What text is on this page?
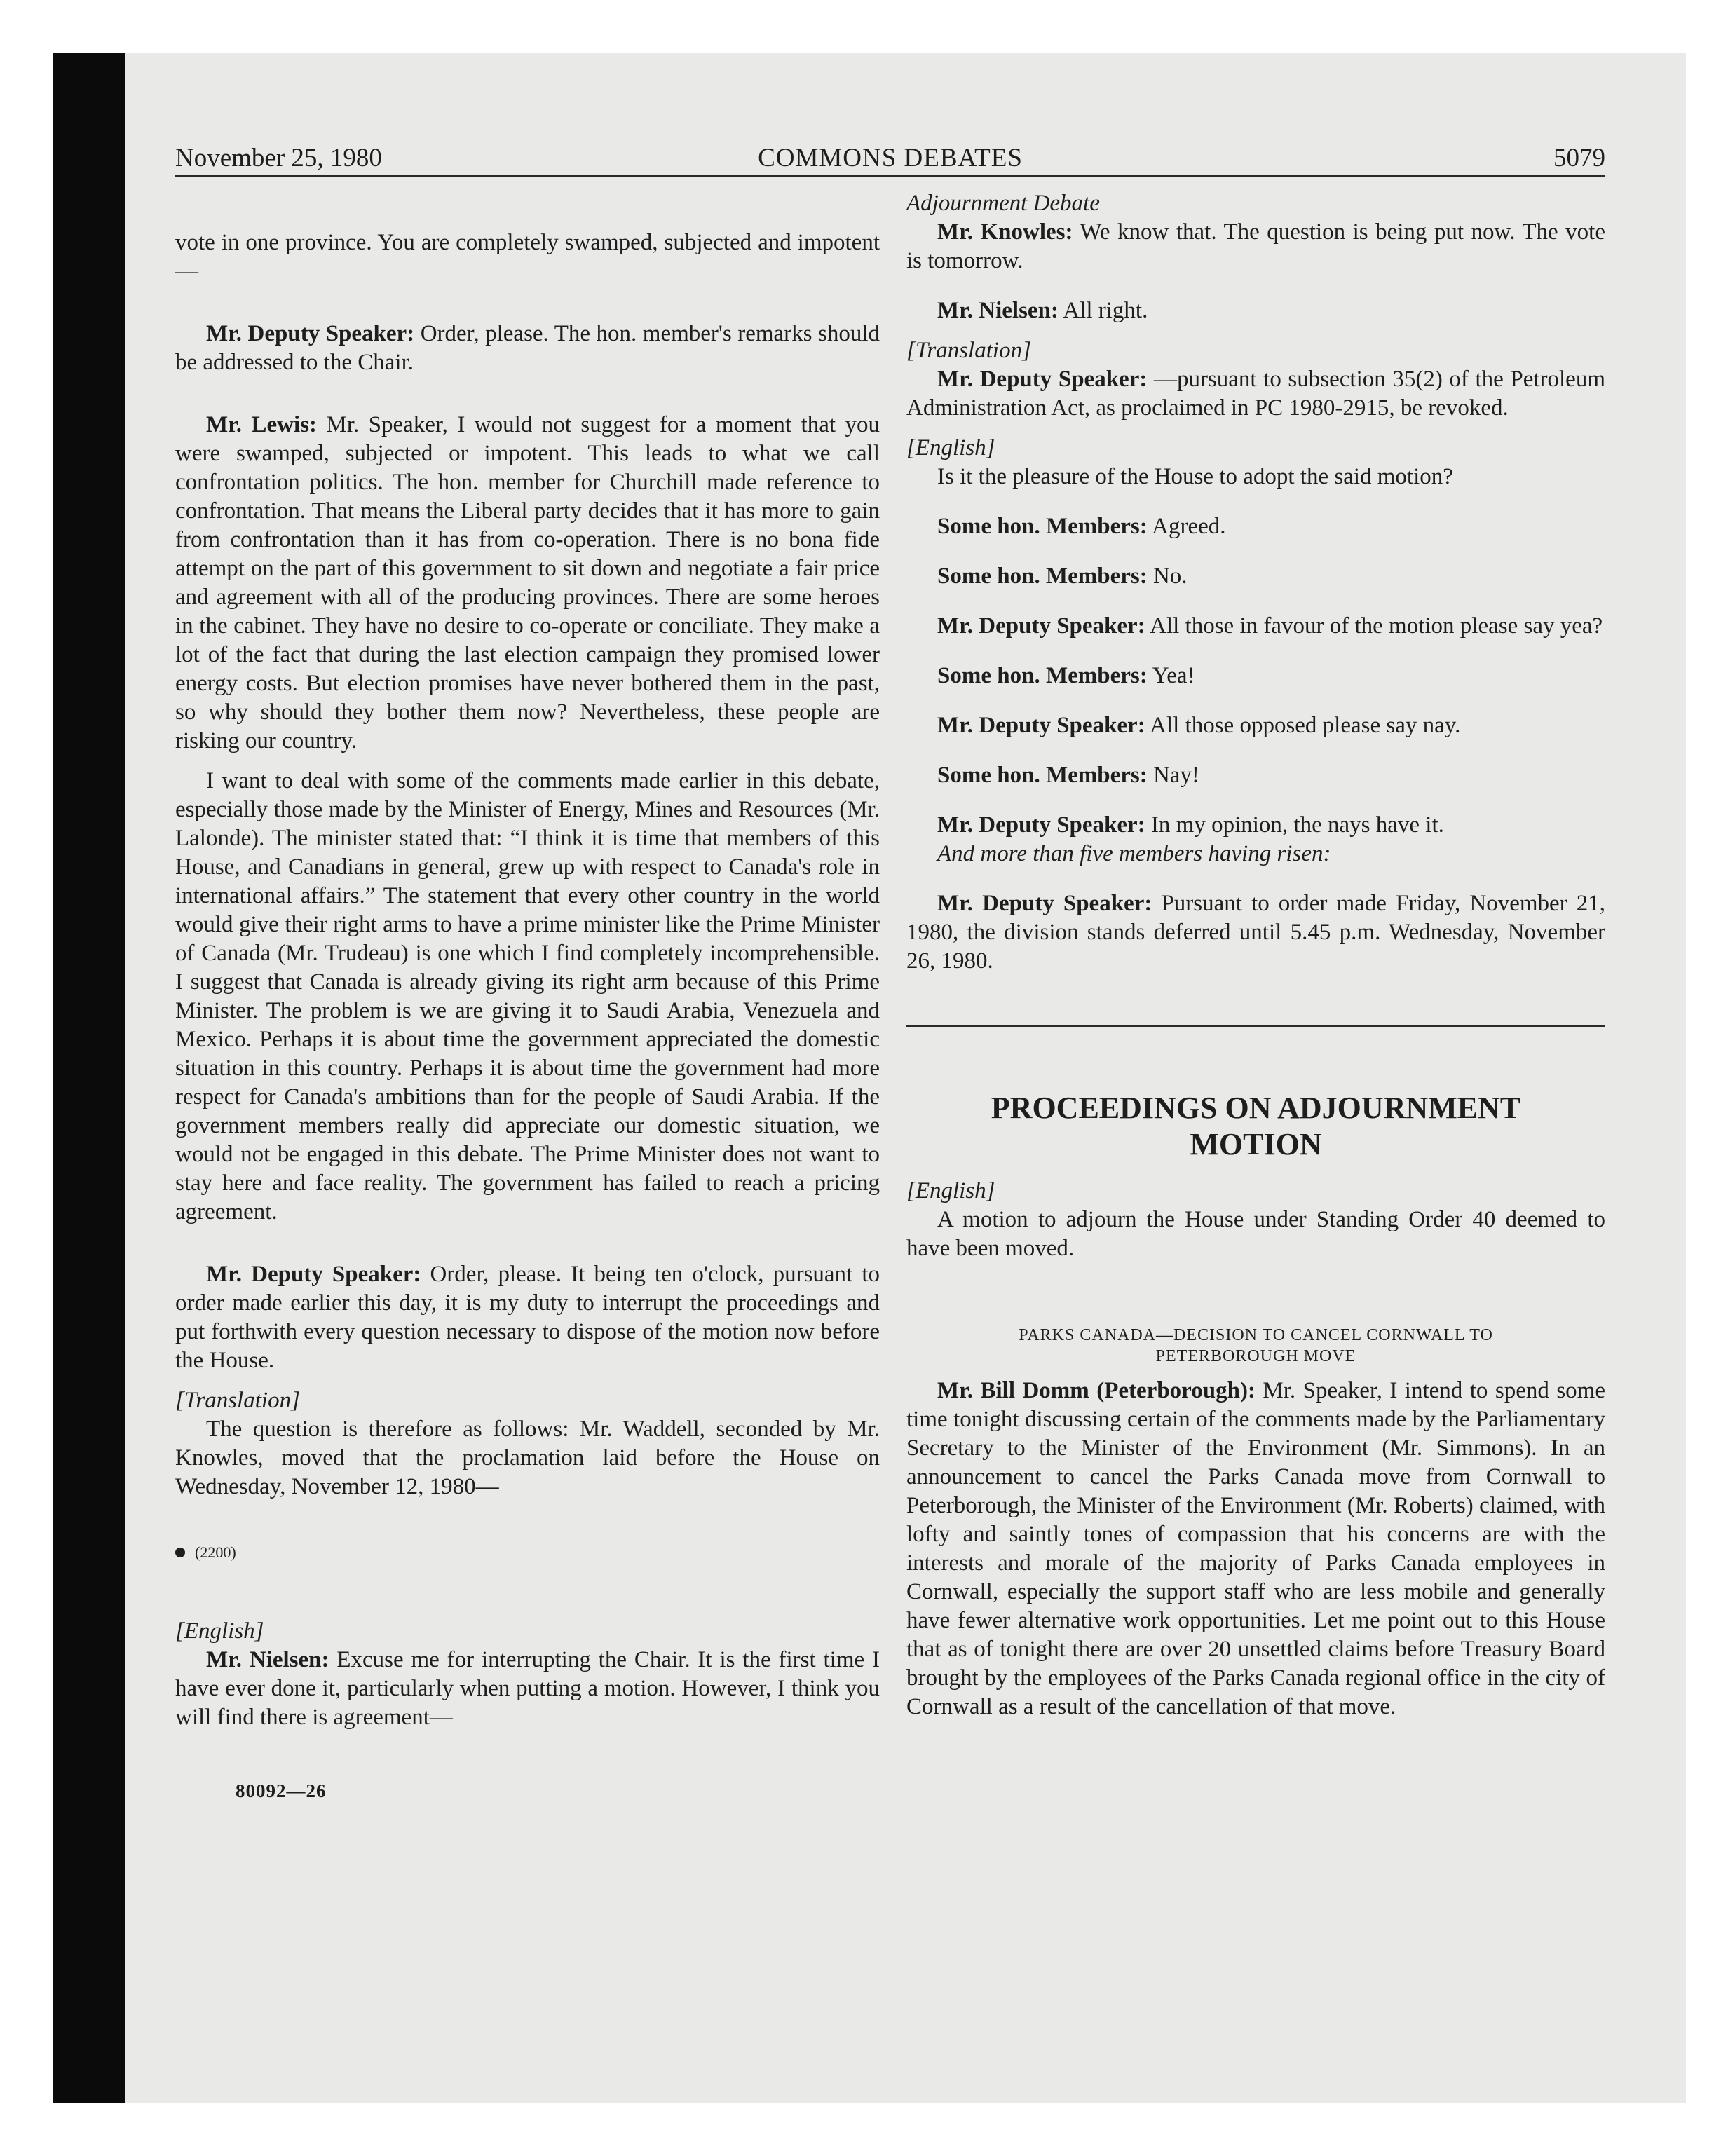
November 25, 1980	COMMONS DEBATES	5079

vote in one province. You are completely swamped, subjected and impotent—

Mr. Deputy Speaker: Order, please. The hon. member's remarks should be addressed to the Chair.

Mr. Lewis: Mr. Speaker, I would not suggest for a moment that you were swamped, subjected or impotent. This leads to what we call confrontation politics. The hon. member for Churchill made reference to confrontation. That means the Liberal party decides that it has more to gain from confrontation than it has from co-operation. There is no bona fide attempt on the part of this government to sit down and negotiate a fair price and agreement with all of the producing provinces. There are some heroes in the cabinet. They have no desire to co-operate or conciliate. They make a lot of the fact that during the last election campaign they promised lower energy costs. But election promises have never bothered them in the past, so why should they bother them now? Nevertheless, these people are risking our country.

I want to deal with some of the comments made earlier in this debate, especially those made by the Minister of Energy, Mines and Resources (Mr. Lalonde). The minister stated that: “I think it is time that members of this House, and Canadians in general, grew up with respect to Canada's role in international affairs.” The statement that every other country in the world would give their right arms to have a prime minister like the Prime Minister of Canada (Mr. Trudeau) is one which I find completely incomprehensible. I suggest that Canada is already giving its right arm because of this Prime Minister. The problem is we are giving it to Saudi Arabia, Venezuela and Mexico. Perhaps it is about time the government appreciated the domestic situation in this country. Perhaps it is about time the government had more respect for Canada's ambitions than for the people of Saudi Arabia. If the government members really did appreciate our domestic situation, we would not be engaged in this debate. The Prime Minister does not want to stay here and face reality. The government has failed to reach a pricing agreement.

Mr. Deputy Speaker: Order, please. It being ten o'clock, pursuant to order made earlier this day, it is my duty to interrupt the proceedings and put forthwith every question necessary to dispose of the motion now before the House.

[Translation]

The question is therefore as follows: Mr. Waddell, seconded by Mr. Knowles, moved that the proclamation laid before the House on Wednesday, November 12, 1980—

(2200)

[English]

Mr. Nielsen: Excuse me for interrupting the Chair. It is the first time I have ever done it, particularly when putting a motion. However, I think you will find there is agreement—

80092—26

Adjournment Debate

Mr. Knowles: We know that. The question is being put now. The vote is tomorrow.

Mr. Nielsen: All right.

[Translation]

Mr. Deputy Speaker: —pursuant to subsection 35(2) of the Petroleum Administration Act, as proclaimed in PC 1980-2915, be revoked.

[English]

Is it the pleasure of the House to adopt the said motion?

Some hon. Members: Agreed.

Some hon. Members: No.

Mr. Deputy Speaker: All those in favour of the motion please say yea?

Some hon. Members: Yea!

Mr. Deputy Speaker: All those opposed please say nay.

Some hon. Members: Nay!

Mr. Deputy Speaker: In my opinion, the nays have it.

And more than five members having risen:

Mr. Deputy Speaker: Pursuant to order made Friday, November 21, 1980, the division stands deferred until 5.45 p.m. Wednesday, November 26, 1980.

PROCEEDINGS ON ADJOURNMENT
MOTION

[English]

A motion to adjourn the House under Standing Order 40 deemed to have been moved.

PARKS CANADA—DECISION TO CANCEL CORNWALL TO
PETERBOROUGH MOVE

Mr. Bill Domm (Peterborough): Mr. Speaker, I intend to spend some time tonight discussing certain of the comments made by the Parliamentary Secretary to the Minister of the Environment (Mr. Simmons). In an announcement to cancel the Parks Canada move from Cornwall to Peterborough, the Minister of the Environment (Mr. Roberts) claimed, with lofty and saintly tones of compassion that his concerns are with the interests and morale of the majority of Parks Canada employees in Cornwall, especially the support staff who are less mobile and generally have fewer alternative work opportunities. Let me point out to this House that as of tonight there are over 20 unsettled claims before Treasury Board brought by the employees of the Parks Canada regional office in the city of Cornwall as a result of the cancellation of that move.
